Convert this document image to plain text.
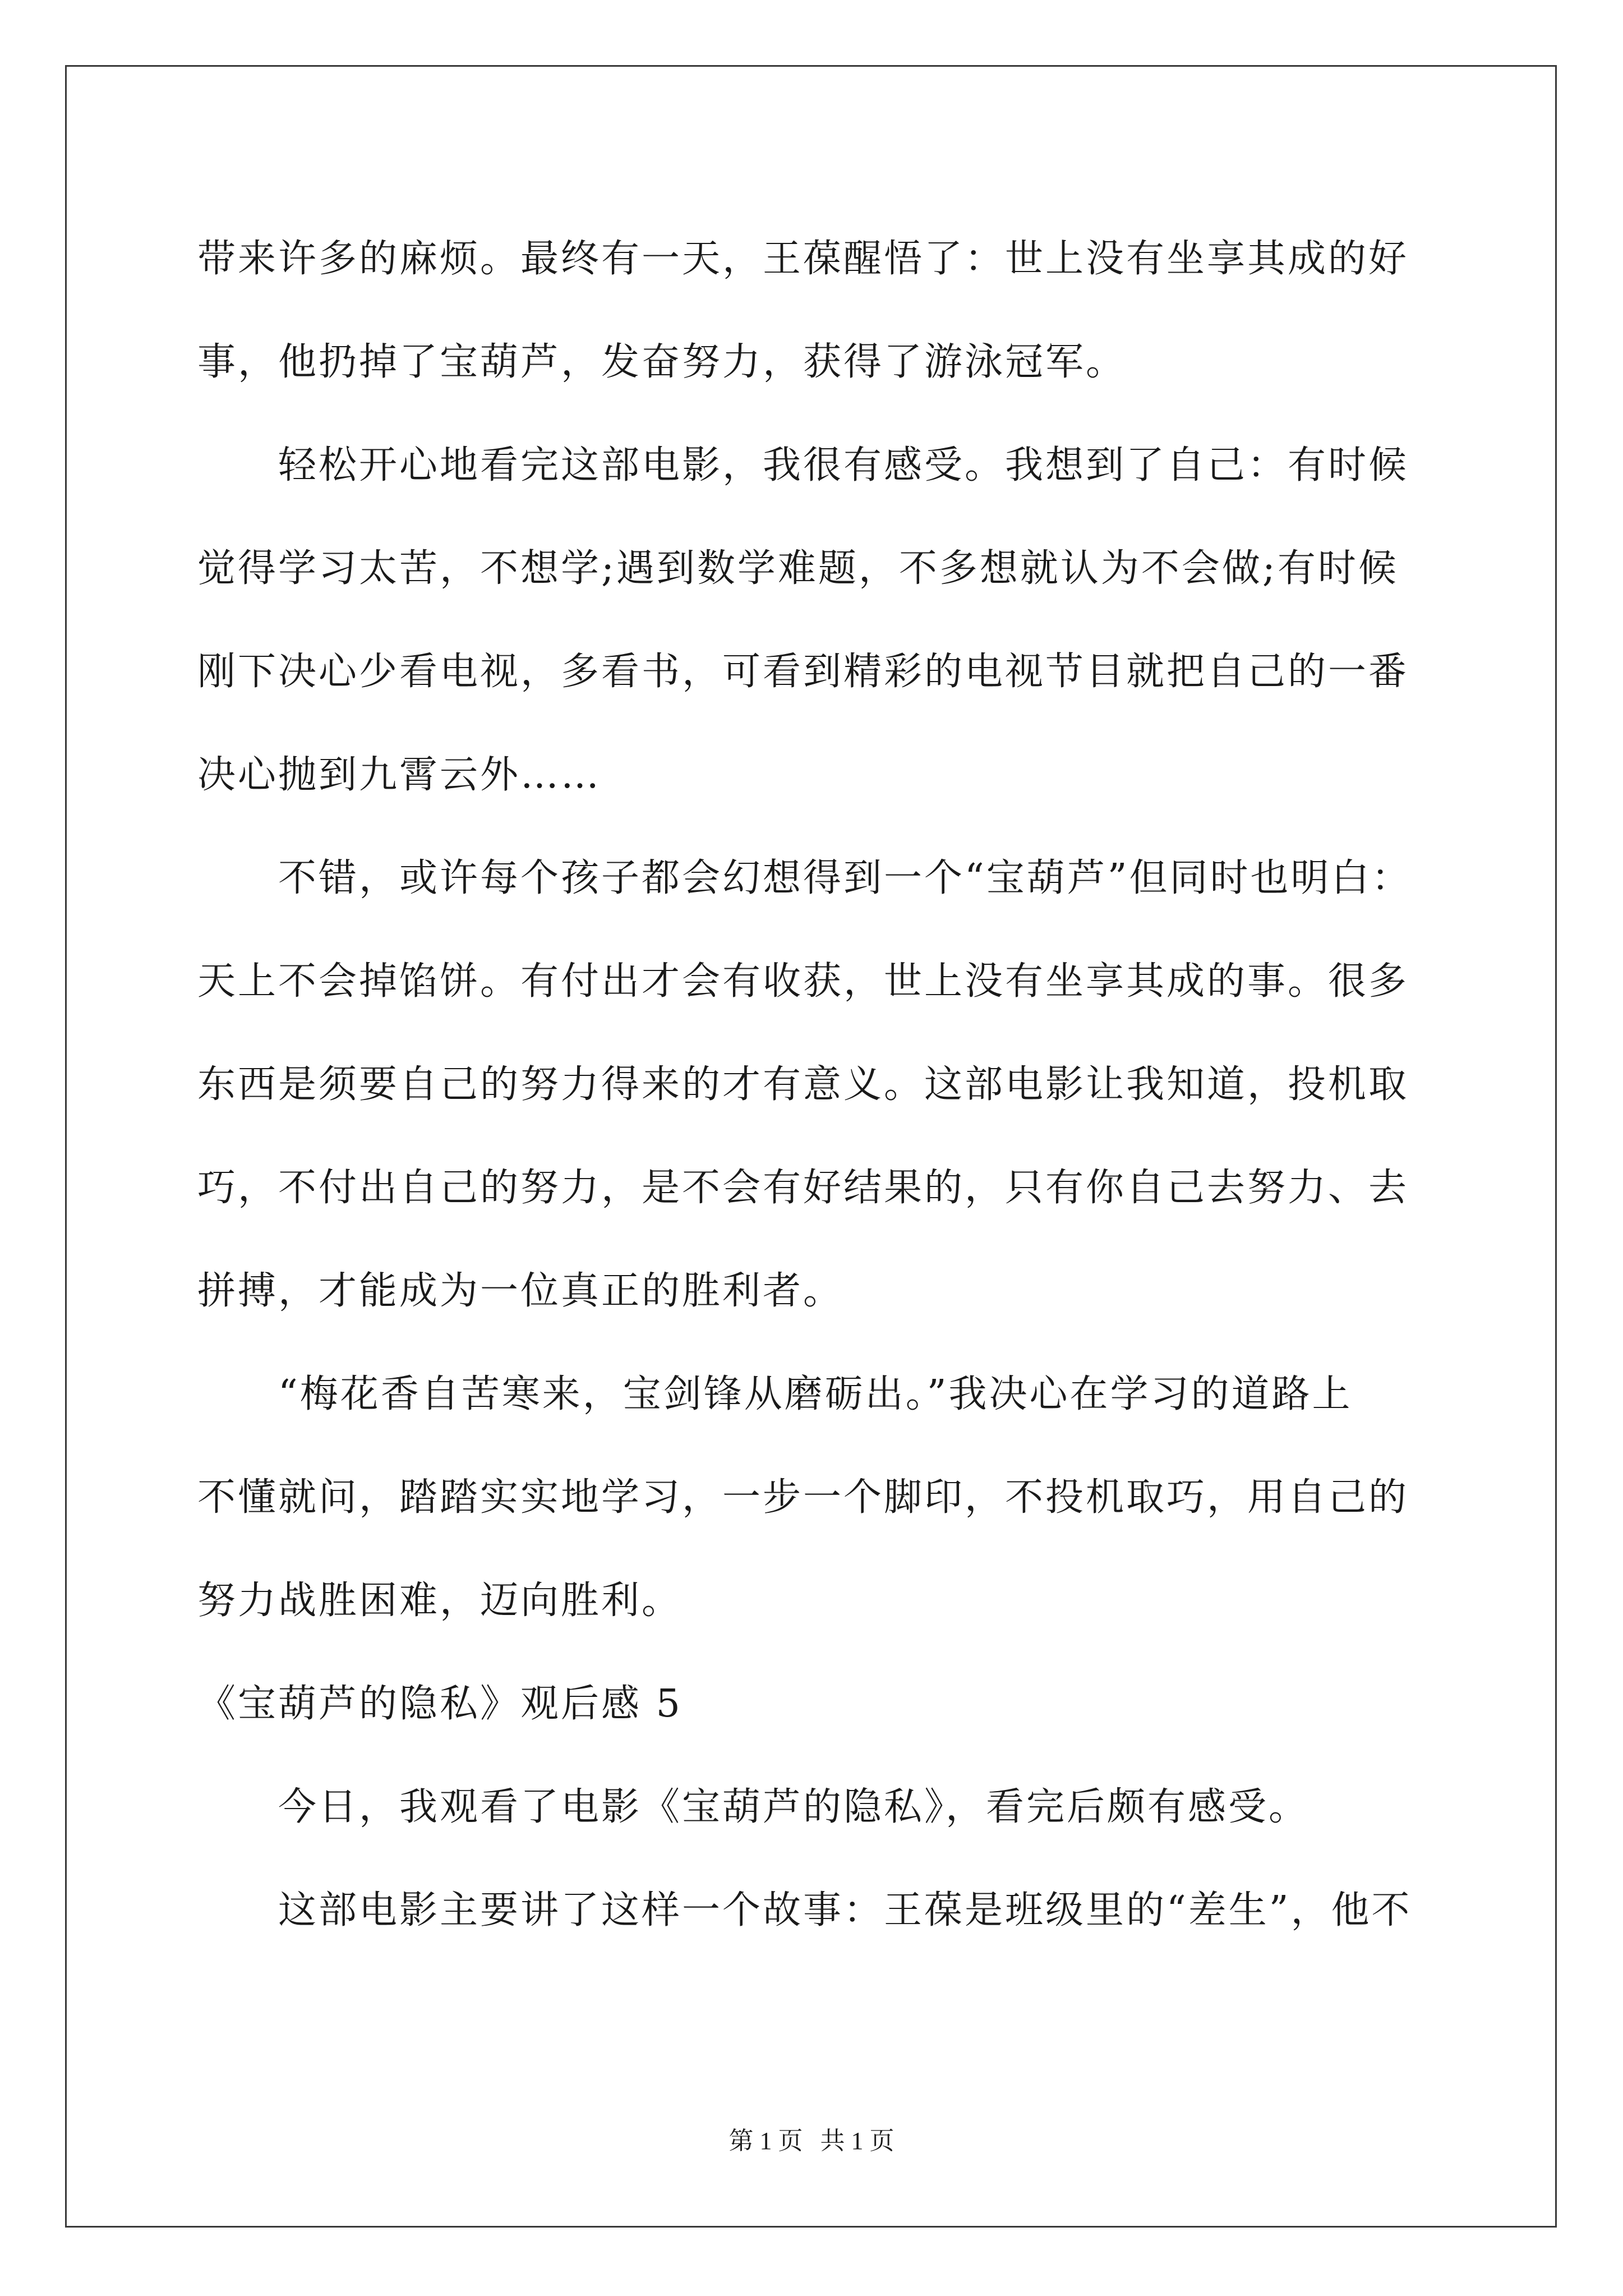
带来许多的麻烦。最终有一天，王葆醒悟了：世上没有坐享其成的好
事，他扔掉了宝葫芦，发奋努力，获得了游泳冠军。
轻松开心地看完这部电影，我很有感受。我想到了自己：有时候
觉得学习太苦，不想学;遇到数学难题，不多想就认为不会做;有时候
刚下决心少看电视，多看书，可看到精彩的电视节目就把自己的一番
决心抛到九霄云外……
不错，或许每个孩子都会幻想得到一个“宝葫芦”但同时也明白：
天上不会掉馅饼。有付出才会有收获，世上没有坐享其成的事。很多
东西是须要自己的努力得来的才有意义。这部电影让我知道，投机取
巧，不付出自己的努力，是不会有好结果的，只有你自己去努力、去
拼搏，才能成为一位真正的胜利者。
“梅花香自苦寒来，宝剑锋从磨砺出。”我决心在学习的道路上
不懂就问，踏踏实实地学习，一步一个脚印，不投机取巧，用自己的
努力战胜困难，迈向胜利。
《宝葫芦的隐私》观后感 5
今日，我观看了电影《宝葫芦的隐私》，看完后颇有感受。
这部电影主要讲了这样一个故事：王葆是班级里的“差生”，他不
第 1 页 共 1 页
